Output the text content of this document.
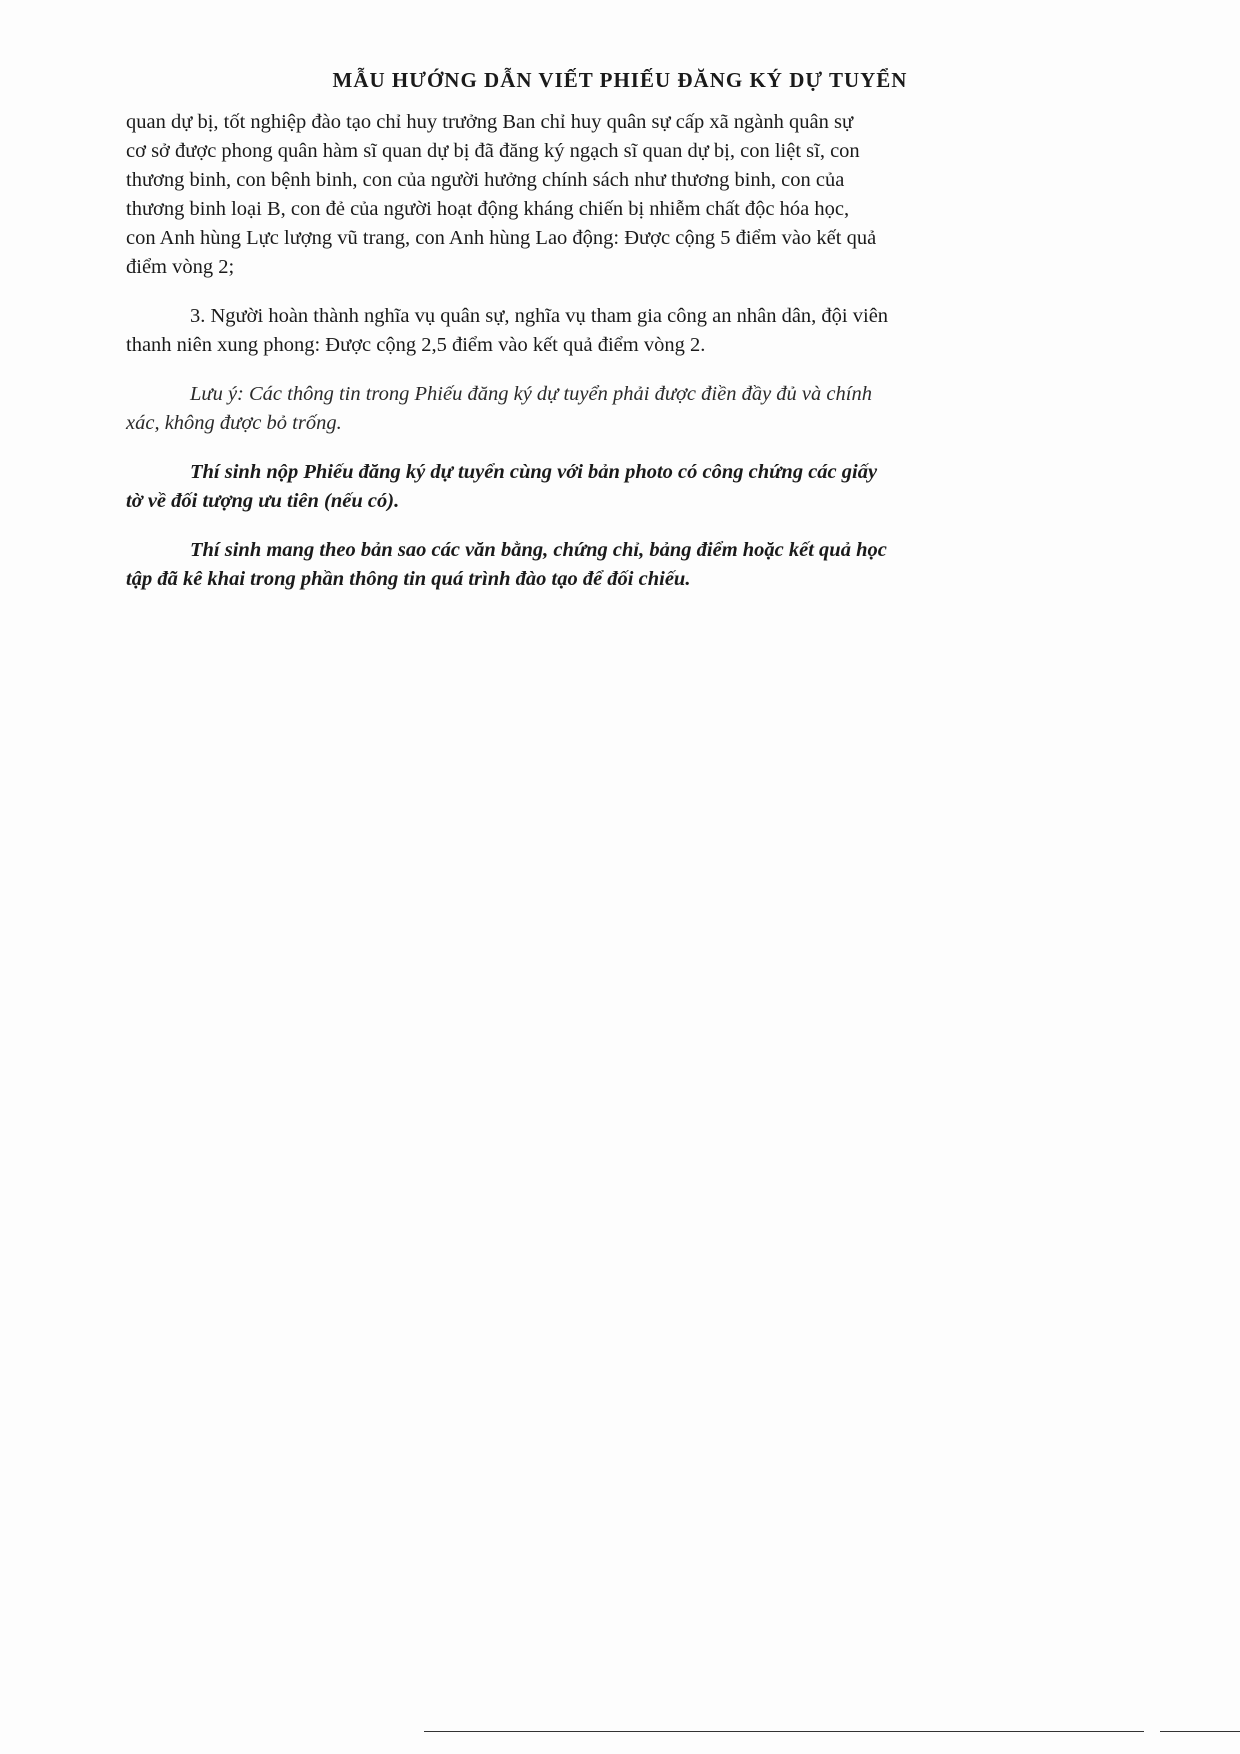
MẪU HƯỚNG DẪN VIẾT PHIẾU ĐĂNG KÝ DỰ TUYỂN

quan dự bị, tốt nghiệp đào tạo chỉ huy trưởng Ban chỉ huy quân sự cấp xã ngành quân sự
cơ sở được phong quân hàm sĩ quan dự bị đã đăng ký ngạch sĩ quan dự bị, con liệt sĩ, con
thương binh, con bệnh binh, con của người hưởng chính sách như thương binh, con của
thương binh loại B, con đẻ của người hoạt động kháng chiến bị nhiễm chất độc hóa học,
con Anh hùng Lực lượng vũ trang, con Anh hùng Lao động: Được cộng 5 điểm vào kết quả
điểm vòng 2;

3. Người hoàn thành nghĩa vụ quân sự, nghĩa vụ tham gia công an nhân dân, đội viên
thanh niên xung phong: Được cộng 2,5 điểm vào kết quả điểm vòng 2.

Lưu ý: Các thông tin trong Phiếu đăng ký dự tuyển phải được điền đầy đủ và chính
xác, không được bỏ trống.

Thí sinh nộp Phiếu đăng ký dự tuyển cùng với bản photo có công chứng các giấy
tờ về đối tượng ưu tiên (nếu có).

Thí sinh mang theo bản sao các văn bằng, chứng chỉ, bảng điểm hoặc kết quả học
tập đã kê khai trong phần thông tin quá trình đào tạo để đối chiếu.
